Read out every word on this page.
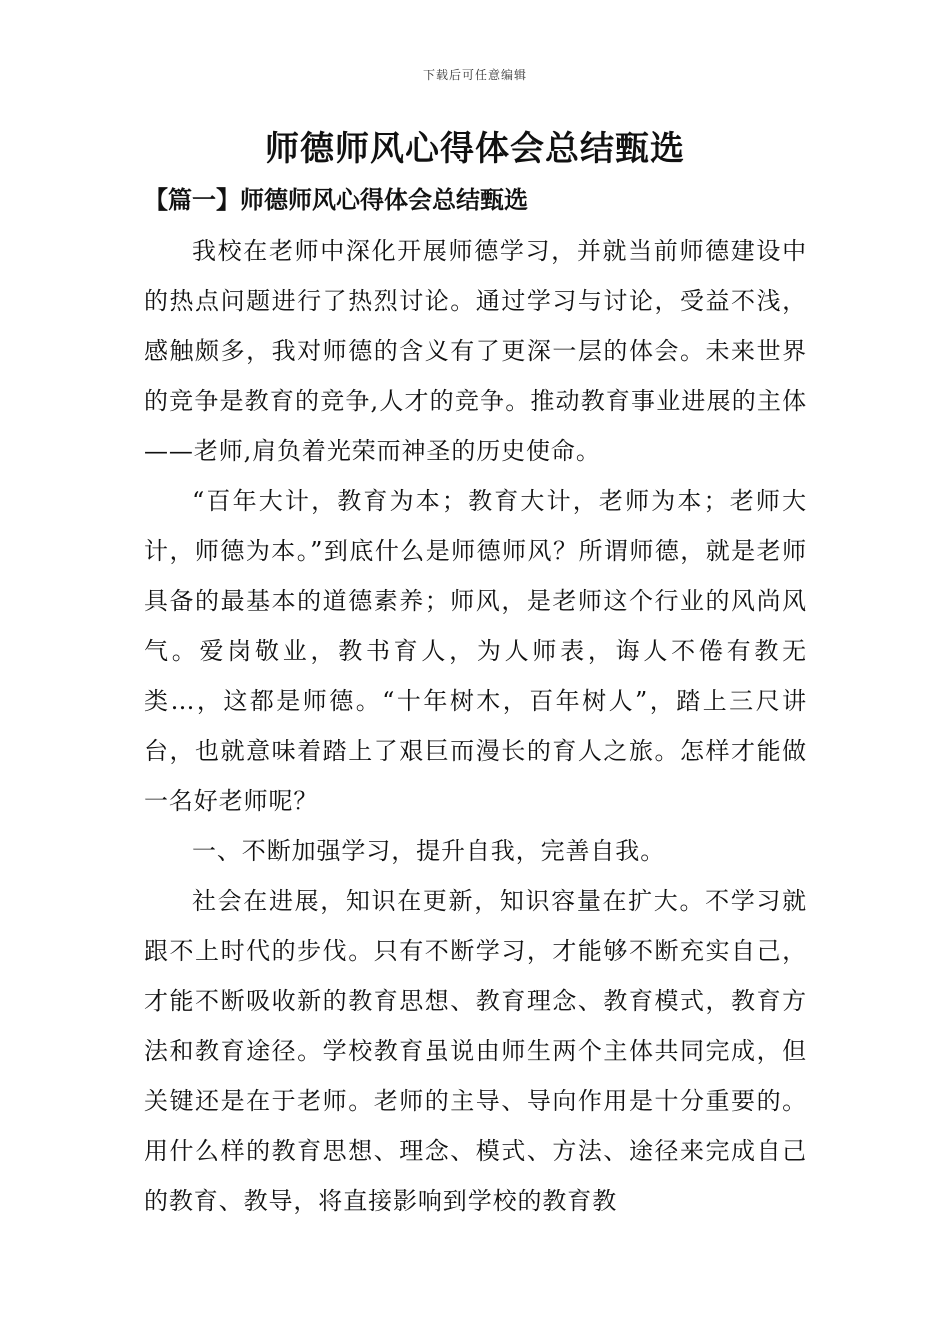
下载后可任意编辑
师德师风心得体会总结甄选
【篇一】师德师风心得体会总结甄选

我校在老师中深化开展师德学习，并就当前师德建设中的热点问题进行了热烈讨论。通过学习与讨论，受益不浅，感触颇多，我对师德的含义有了更深一层的体会。未来世界的竞争是教育的竞争,人才的竞争。推动教育事业进展的主体——老师,肩负着光荣而神圣的历史使命。

“百年大计，教育为本；教育大计，老师为本；老师大计，师德为本。”到底什么是师德师风？所谓师德，就是老师具备的最基本的道德素养；师风，是老师这个行业的风尚风气。爱岗敬业，教书育人，为人师表，诲人不倦有教无类…，这都是师德。“十年树木，百年树人”，踏上三尺讲台，也就意味着踏上了艰巨而漫长的育人之旅。怎样才能做一名好老师呢？

一、不断加强学习，提升自我，完善自我。

社会在进展，知识在更新，知识容量在扩大。不学习就跟不上时代的步伐。只有不断学习，才能够不断充实自己，才能不断吸收新的教育思想、教育理念、教育模式，教育方法和教育途径。学校教育虽说由师生两个主体共同完成，但关键还是在于老师。老师的主导、导向作用是十分重要的。用什么样的教育思想、理念、模式、方法、途径来完成自己的教育、教导，将直接影响到学校的教育教
